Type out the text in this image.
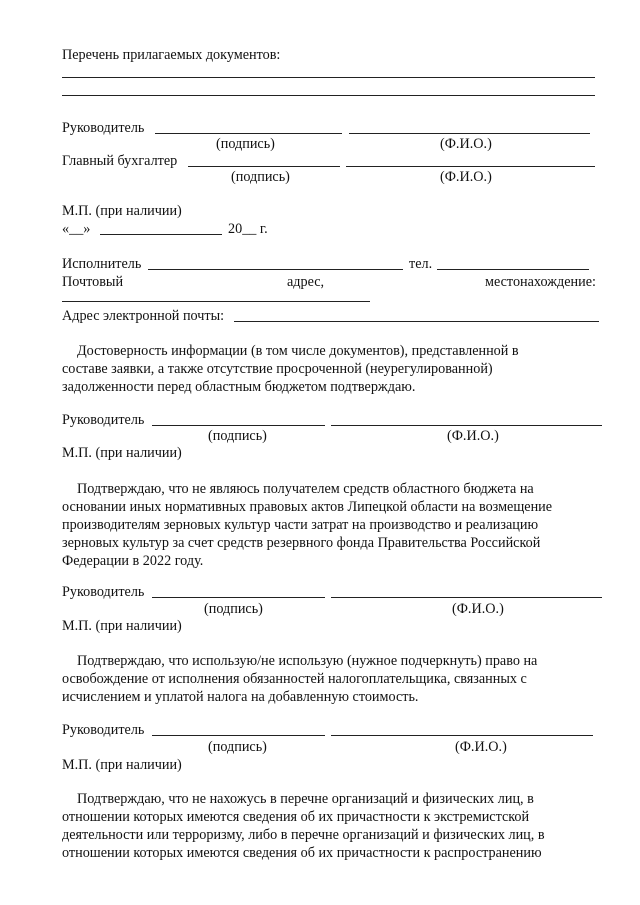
Перечень прилагаемых документов:
Руководитель
(подпись)	(Ф.И.О.)
Главный бухгалтер
(подпись)	(Ф.И.О.)
М.П. (при наличии)
«__»	20__ г.
Исполнитель	тел.
Почтовый	адрес,	местонахождение:
Адрес электронной почты:
Достоверность информации (в том числе документов), представленной в
составе заявки, а также отсутствие просроченной (неурегулированной)
задолженности перед областным бюджетом подтверждаю.
Руководитель
(подпись)	(Ф.И.О.)
М.П. (при наличии)
Подтверждаю, что не являюсь получателем средств областного бюджета на
основании иных нормативных правовых актов Липецкой области на возмещение
производителям зерновых культур части затрат на производство и реализацию
зерновых культур за счет средств резервного фонда Правительства Российской
Федерации в 2022 году.
Руководитель
(подпись)	(Ф.И.О.)
М.П. (при наличии)
Подтверждаю, что использую/не использую (нужное подчеркнуть) право на
освобождение от исполнения обязанностей налогоплательщика, связанных с
исчислением и уплатой налога на добавленную стоимость.
Руководитель
(подпись)	(Ф.И.О.)
М.П. (при наличии)
Подтверждаю, что не нахожусь в перечне организаций и физических лиц, в
отношении которых имеются сведения об их причастности к экстремистской
деятельности или терроризму, либо в перечне организаций и физических лиц, в
отношении которых имеются сведения об их причастности к распространению
